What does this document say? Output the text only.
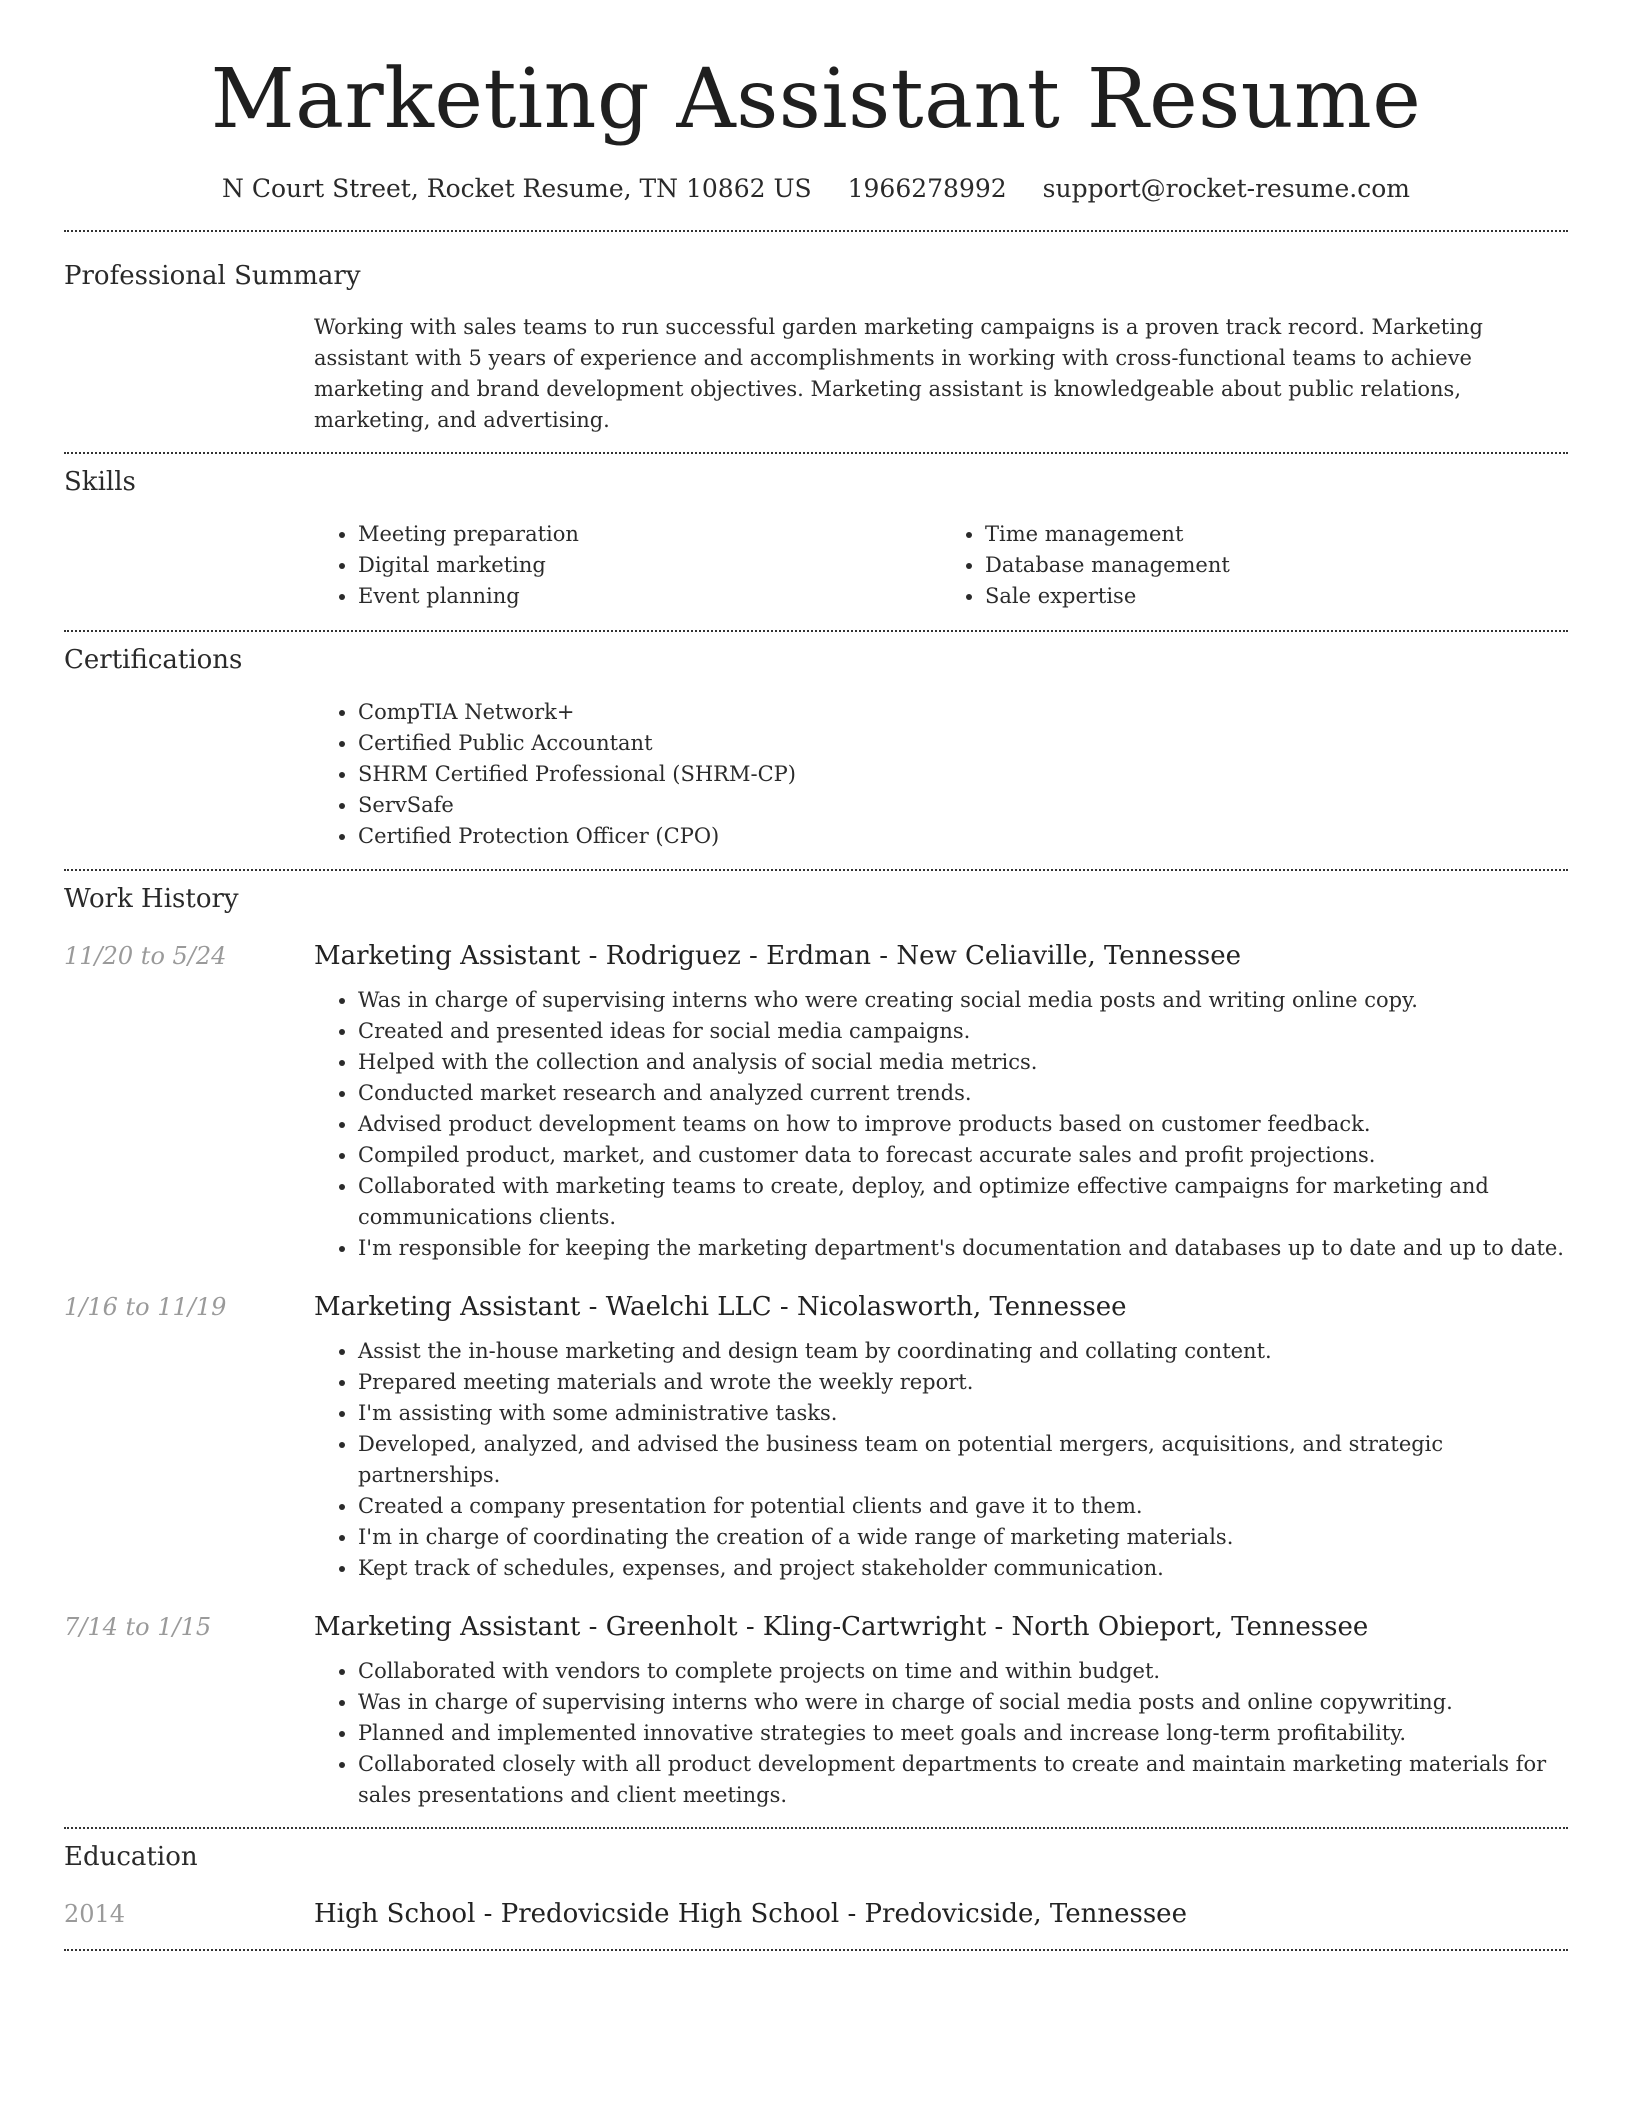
Marketing Assistant Resume
N Court Street, Rocket Resume, TN 10862 US 1966278992 support@rocket-resume.com
Professional Summary
Working with sales teams to run successful garden marketing campaigns is a proven track record. Marketing assistant with 5 years of experience and accomplishments in working with cross-functional teams to achieve marketing and brand development objectives. Marketing assistant is knowledgeable about public relations, marketing, and advertising.
Skills
• Meeting preparation
• Digital marketing
• Event planning
• Time management
• Database management
• Sale expertise
Certifications
• CompTIA Network+
• Certified Public Accountant
• SHRM Certified Professional (SHRM-CP)
• ServSafe
• Certified Protection Officer (CPO)
Work History
11/20 to 5/24	Marketing Assistant - Rodriguez - Erdman - New Celiaville, Tennessee
• Was in charge of supervising interns who were creating social media posts and writing online copy.
• Created and presented ideas for social media campaigns.
• Helped with the collection and analysis of social media metrics.
• Conducted market research and analyzed current trends.
• Advised product development teams on how to improve products based on customer feedback.
• Compiled product, market, and customer data to forecast accurate sales and profit projections.
• Collaborated with marketing teams to create, deploy, and optimize effective campaigns for marketing and communications clients.
• I'm responsible for keeping the marketing department's documentation and databases up to date and up to date.
1/16 to 11/19	Marketing Assistant - Waelchi LLC - Nicolasworth, Tennessee
• Assist the in-house marketing and design team by coordinating and collating content.
• Prepared meeting materials and wrote the weekly report.
• I'm assisting with some administrative tasks.
• Developed, analyzed, and advised the business team on potential mergers, acquisitions, and strategic partnerships.
• Created a company presentation for potential clients and gave it to them.
• I'm in charge of coordinating the creation of a wide range of marketing materials.
• Kept track of schedules, expenses, and project stakeholder communication.
7/14 to 1/15	Marketing Assistant - Greenholt - Kling-Cartwright - North Obieport, Tennessee
• Collaborated with vendors to complete projects on time and within budget.
• Was in charge of supervising interns who were in charge of social media posts and online copywriting.
• Planned and implemented innovative strategies to meet goals and increase long-term profitability.
• Collaborated closely with all product development departments to create and maintain marketing materials for sales presentations and client meetings.
Education
2014	High School - Predovicside High School - Predovicside, Tennessee
